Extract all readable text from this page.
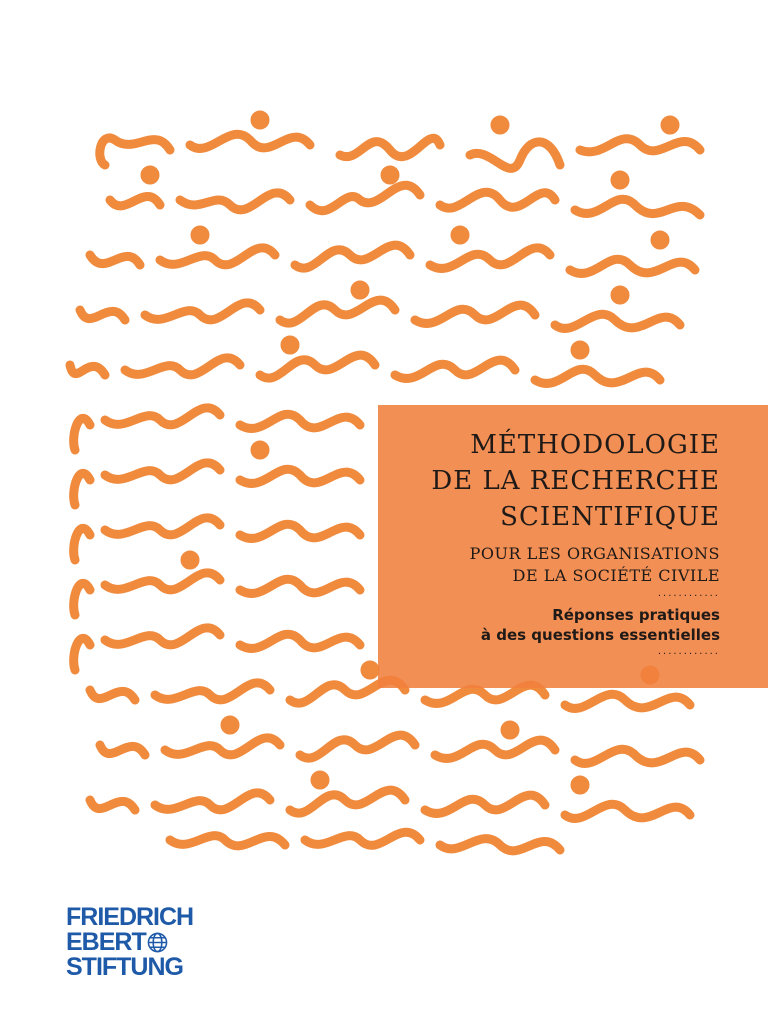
MÉTHODOLOGIE
DE LA RECHERCHE
SCIENTIFIQUE

POUR LES ORGANISATIONS
DE LA SOCIÉTÉ CIVILE

............

Réponses pratiques
à des questions essentielles

............
FRIEDRICH
EBERT
STIFTUNG
